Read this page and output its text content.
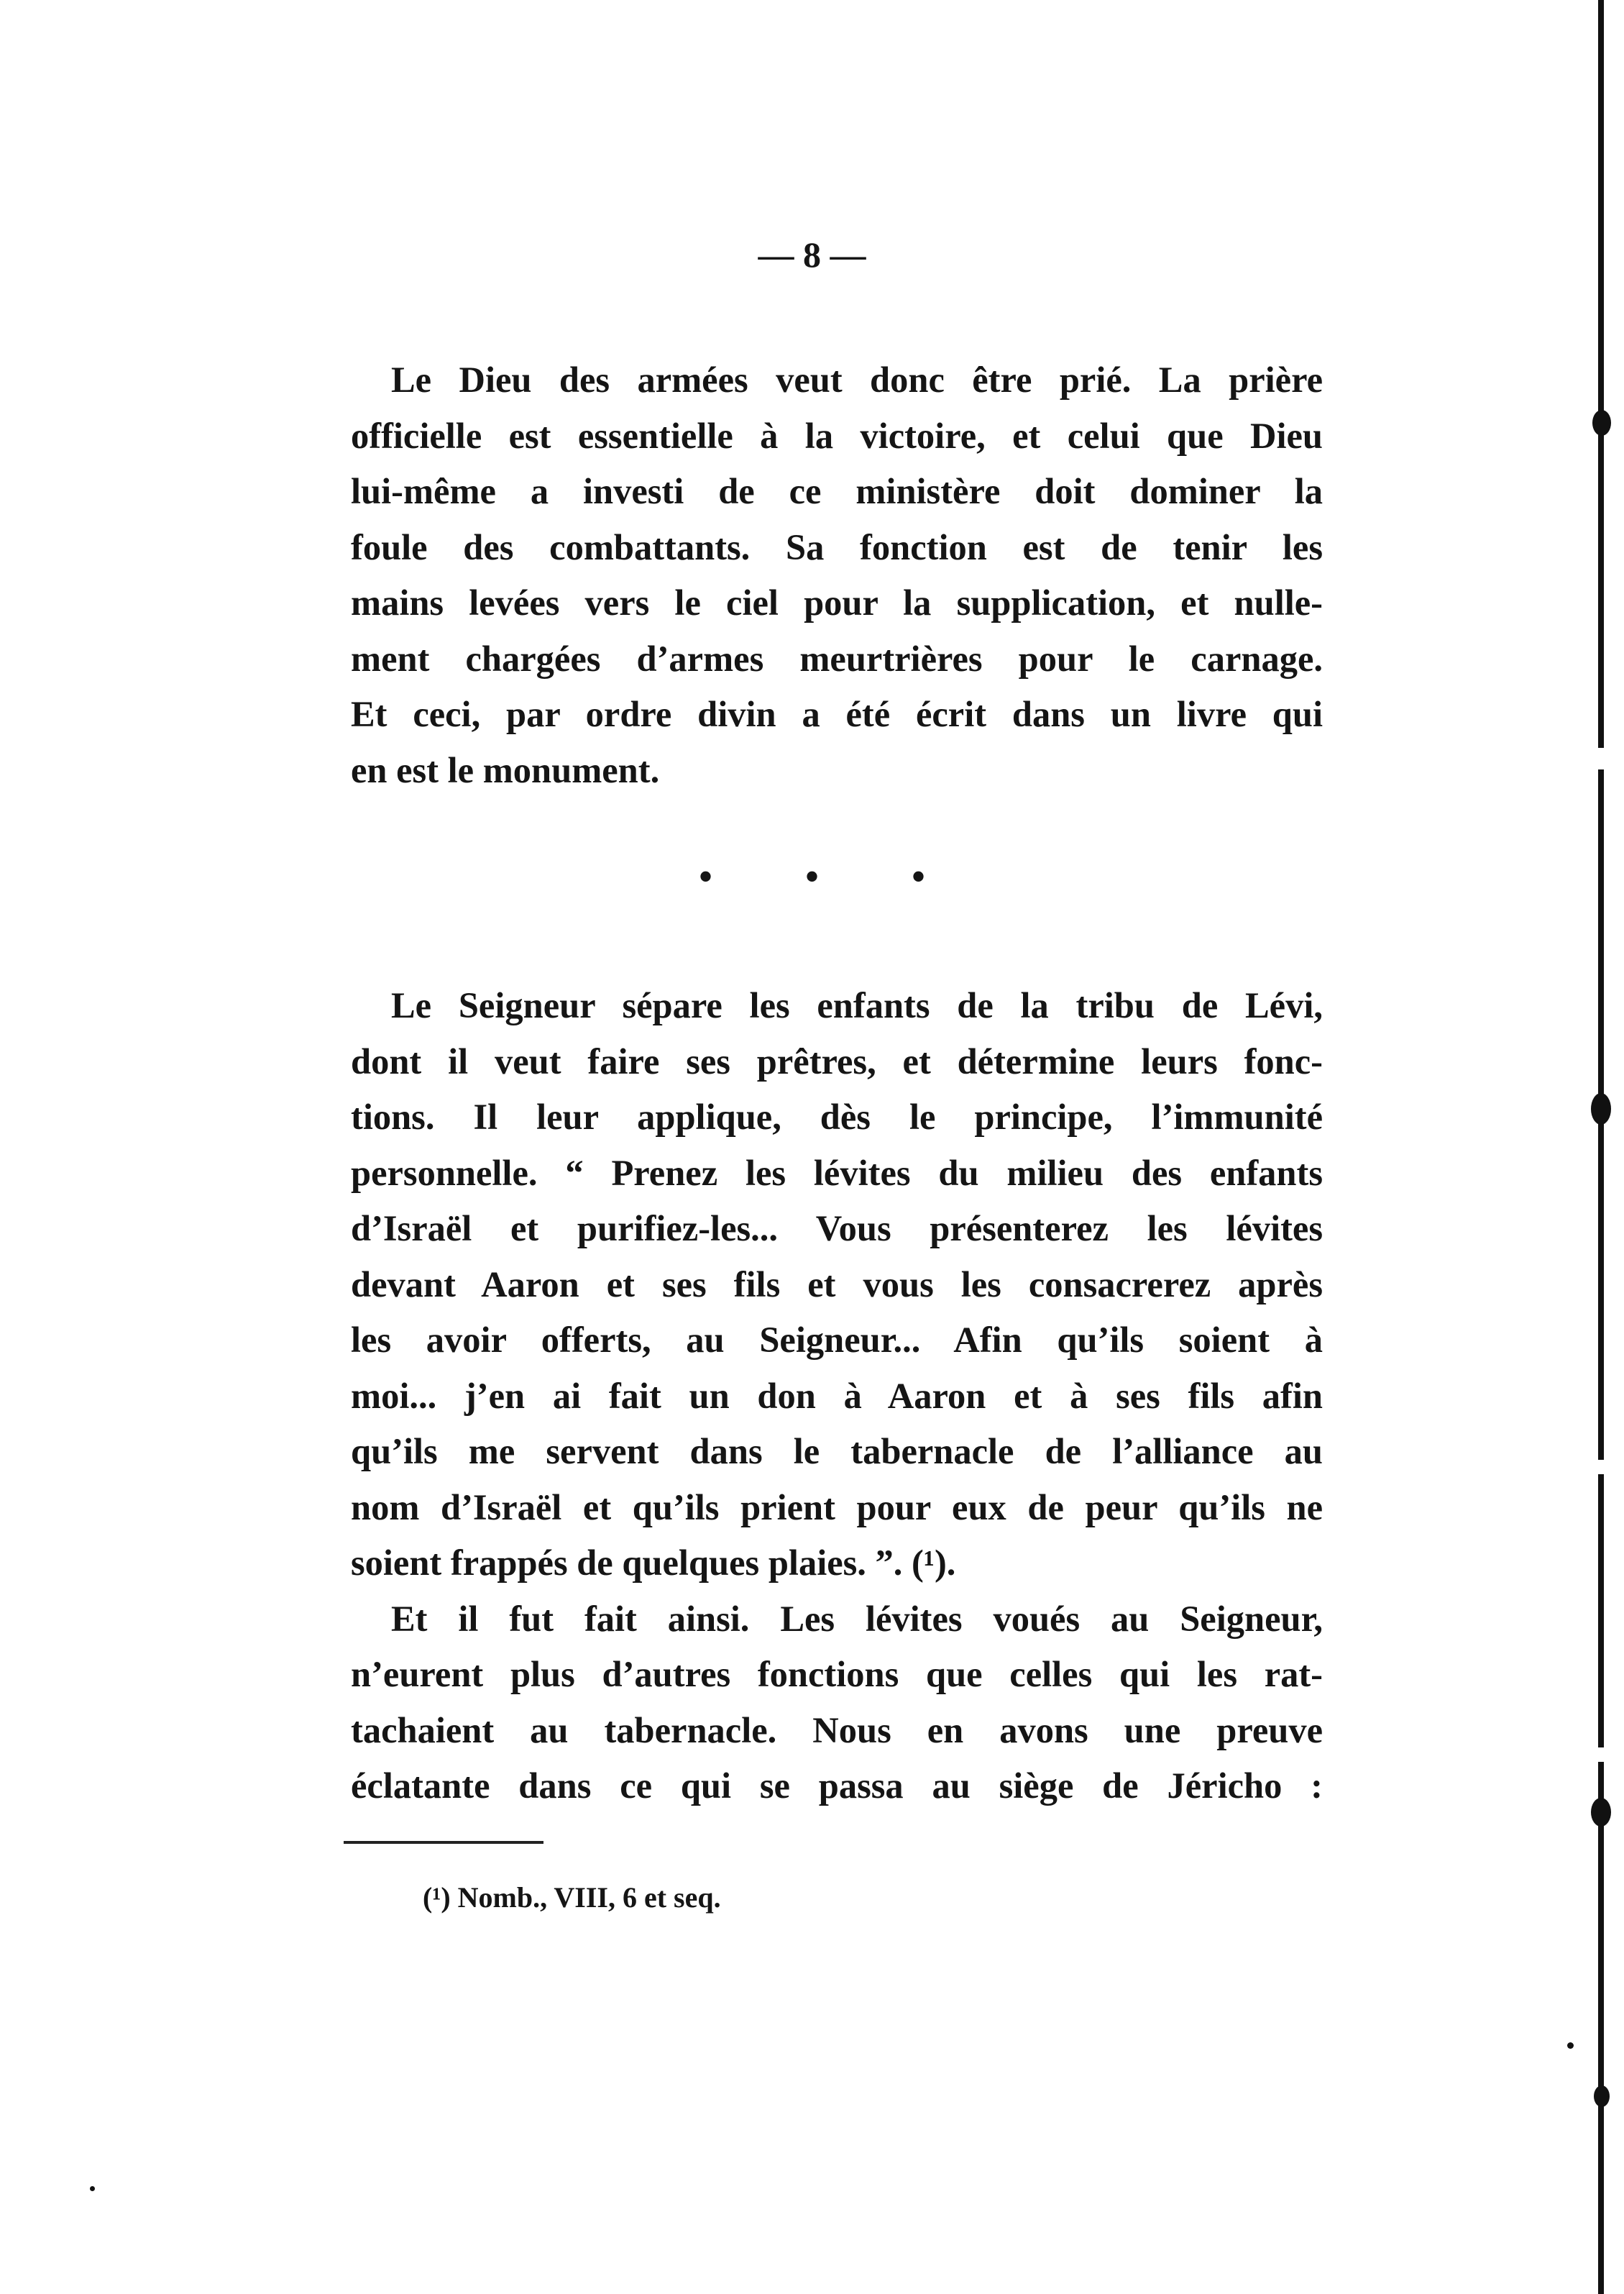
— 8 —
Le Dieu des armées veut donc être prié. La prière
officielle est essentielle à la victoire, et celui que Dieu
lui-même a investi de ce ministère doit dominer la
foule des combattants. Sa fonction est de tenir les
mains levées vers le ciel pour la supplication, et nulle-
ment chargées d’armes meurtrières pour le carnage.
Et ceci, par ordre divin a été écrit dans un livre qui
en est le monument.
• • •
Le Seigneur sépare les enfants de la tribu de Lévi,
dont il veut faire ses prêtres, et détermine leurs fonc-
tions. Il leur applique, dès le principe, l’immunité
personnelle. “ Prenez les lévites du milieu des enfants
d’Israël et purifiez-les... Vous présenterez les lévites
devant Aaron et ses fils et vous les consacrerez après
les avoir offerts, au Seigneur... Afin qu’ils soient à
moi... j’en ai fait un don à Aaron et à ses fils afin
qu’ils me servent dans le tabernacle de l’alliance au
nom d’Israël et qu’ils prient pour eux de peur qu’ils ne
soient frappés de quelques plaies. ”. (¹).
Et il fut fait ainsi. Les lévites voués au Seigneur,
n’eurent plus d’autres fonctions que celles qui les rat-
tachaient au tabernacle. Nous en avons une preuve
éclatante dans ce qui se passa au siège de Jéricho :
(¹) Nomb., VIII, 6 et seq.
